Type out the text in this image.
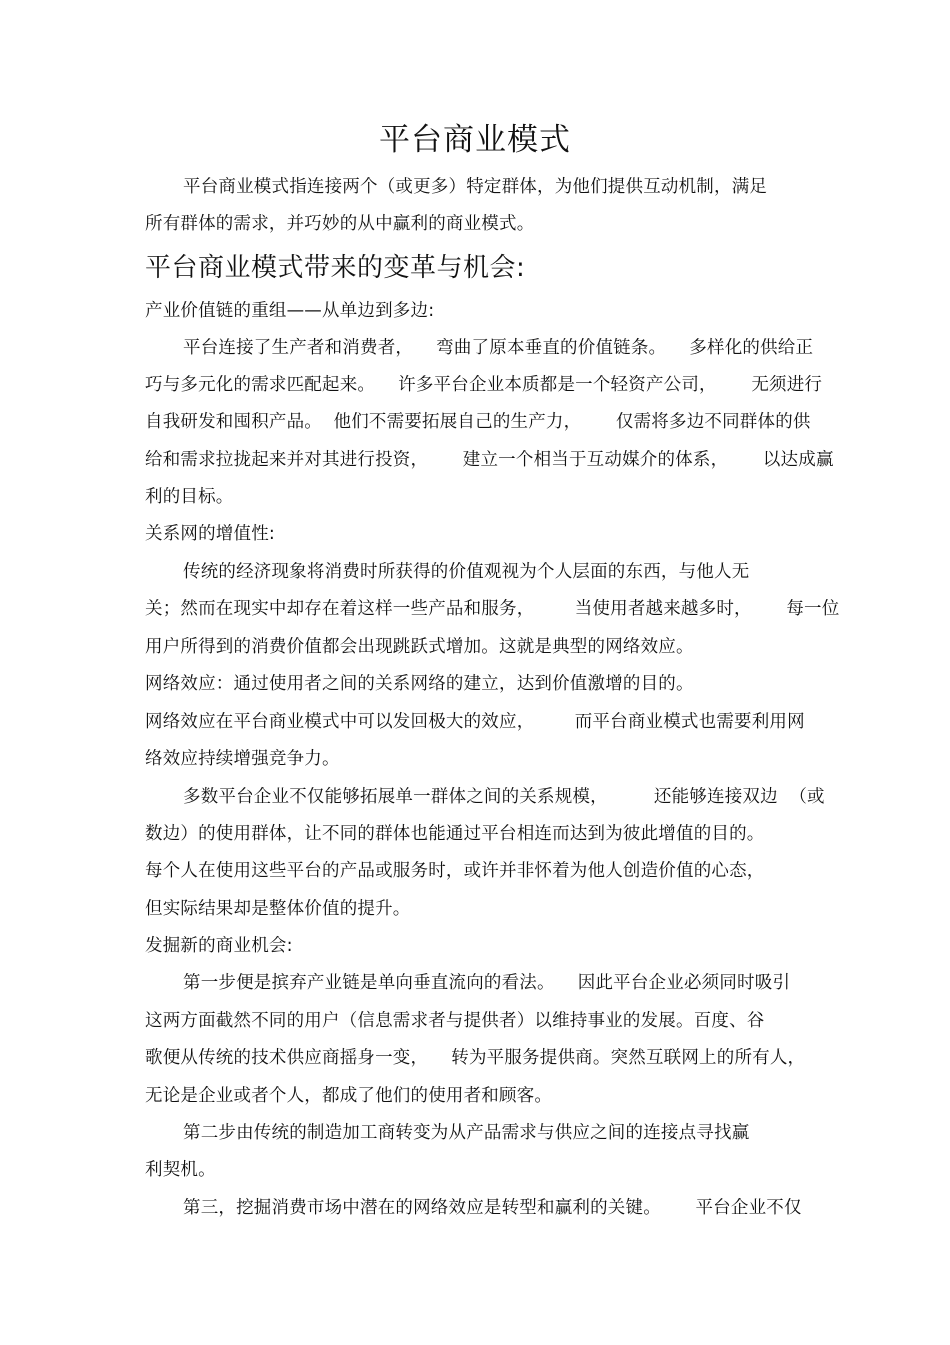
平台商业模式
平台商业模式指连接两个（或更多）特定群体，为他们提供互动机制，满足
所有群体的需求，并巧妙的从中赢利的商业模式。
平台商业模式带来的变革与机会:
产业价值链的重组——从单边到多边:
平台连接了生产者和消费者，    弯曲了原本垂直的价值链条。    多样化的供给正
巧与多元化的需求匹配起来。    许多平台企业本质都是一个轻资产公司，      无须进行
自我研发和囤积产品。  他们不需要拓展自己的生产力，      仅需将多边不同群体的供
给和需求拉拢起来并对其进行投资，      建立一个相当于互动媒介的体系，      以达成赢
利的目标。
关系网的增值性:
传统的经济现象将消费时所获得的价值观视为个人层面的东西，与他人无
关；然而在现实中却存在着这样一些产品和服务，       当使用者越来越多时，      每一位
用户所得到的消费价值都会出现跳跃式增加。这就是典型的网络效应。
网络效应：通过使用者之间的关系网络的建立，达到价值激增的目的。
网络效应在平台商业模式中可以发回极大的效应，       而平台商业模式也需要利用网
络效应持续增强竞争力。
多数平台企业不仅能够拓展单一群体之间的关系规模，        还能够连接双边  （或
数边）的使用群体，让不同的群体也能通过平台相连而达到为彼此增值的目的。
每个人在使用这些平台的产品或服务时，或许并非怀着为他人创造价值的心态，
但实际结果却是整体价值的提升。
发掘新的商业机会:
第一步便是摈弃产业链是单向垂直流向的看法。    因此平台企业必须同时吸引
这两方面截然不同的用户（信息需求者与提供者）以维持事业的发展。百度、谷
歌便从传统的技术供应商摇身一变，    转为平服务提供商。突然互联网上的所有人，
无论是企业或者个人，都成了他们的使用者和顾客。
第二步由传统的制造加工商转变为从产品需求与供应之间的连接点寻找赢
利契机。
第三，挖掘消费市场中潜在的网络效应是转型和赢利的关键。      平台企业不仅
